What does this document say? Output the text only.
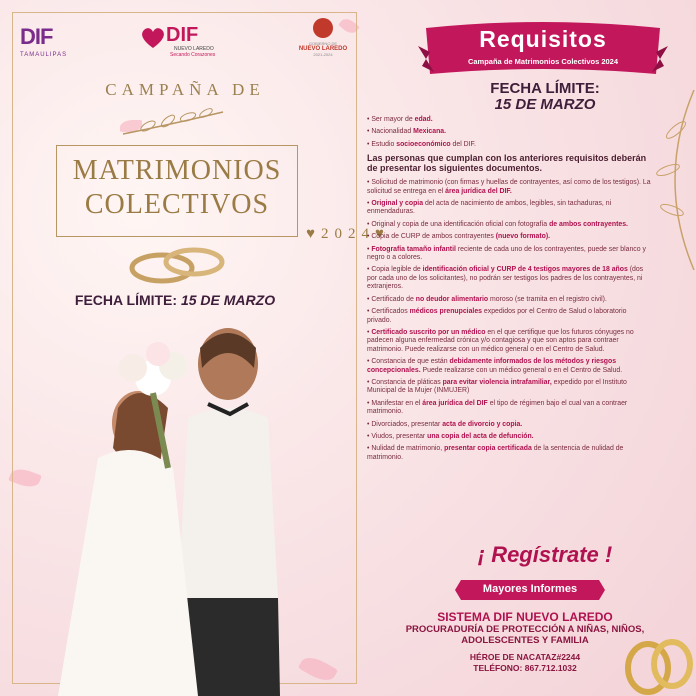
DIF
TAMAULIPAS
DIF
NUEVO LAREDO
Secando Corazones
GOBIERNO DE
NUEVO LAREDO
2021-2024
CAMPAÑA DE
MATRIMONIOS
COLECTIVOS
♥2024♥
FECHA LÍMITE: 15 DE MARZO
Requisitos
Campaña de Matrimonios Colectivos 2024
FECHA LÍMITE:
15 DE MARZO
• Ser mayor de edad.
• Nacionalidad Mexicana.
• Estudio socioeconómico del DIF.
Las personas que cumplan con los anteriores requisitos deberán de presentar los siguientes documentos.
• Solicitud de matrimonio (con firmas y huellas de contrayentes, así como de los testigos). La solicitud se entrega en el área jurídica del DIF.
• Original y copia del acta de nacimiento de ambos, legibles, sin tachaduras, ni enmendaduras.
• Original y copia de una identificación oficial con fotografía de ambos contrayentes.
• Copia de CURP de ambos contrayentes (nuevo formato).
• Fotografía tamaño infantil reciente de cada uno de los contrayentes, puede ser blanco y negro o a colores.
• Copia legible de identificación oficial y CURP de 4 testigos mayores de 18 años (dos por cada uno de los solicitantes), no podrán ser testigos los padres de los contrayentes, ni extranjeros.
• Certificado de no deudor alimentario moroso (se tramita en el registro civil).
• Certificados médicos prenupciales expedidos por el Centro de Salud o laboratorio privado.
• Certificado suscrito por un médico en el que certifique que los futuros cónyuges no padecen alguna enfermedad crónica y/o contagiosa y que son aptos para contraer matrimonio. Puede realizarse con un médico general o en el Centro de Salud.
• Constancia de que están debidamente informados de los métodos y riesgos concepcionales. Puede realizarse con un médico general o en el Centro de Salud.
• Constancia de pláticas para evitar violencia intrafamiliar, expedido por el Instituto Municipal de la Mujer (INMUJER)
• Manifestar en el área jurídica del DIF el tipo de régimen bajo el cual van a contraer matrimonio.
• Divorciados, presentar acta de divorcio y copia.
• Viudos, presentar una copia del acta de defunción.
• Nulidad de matrimonio, presentar copia certificada de la sentencia de nulidad de matrimonio.
¡ Regístrate !
Mayores Informes
SISTEMA DIF NUEVO LAREDO
PROCURADURÍA DE PROTECCIÓN A NIÑAS, NIÑOS, ADOLESCENTES Y FAMILIA
HÉROE DE NACATAZ#2244
TELÉFONO: 867.712.1032
